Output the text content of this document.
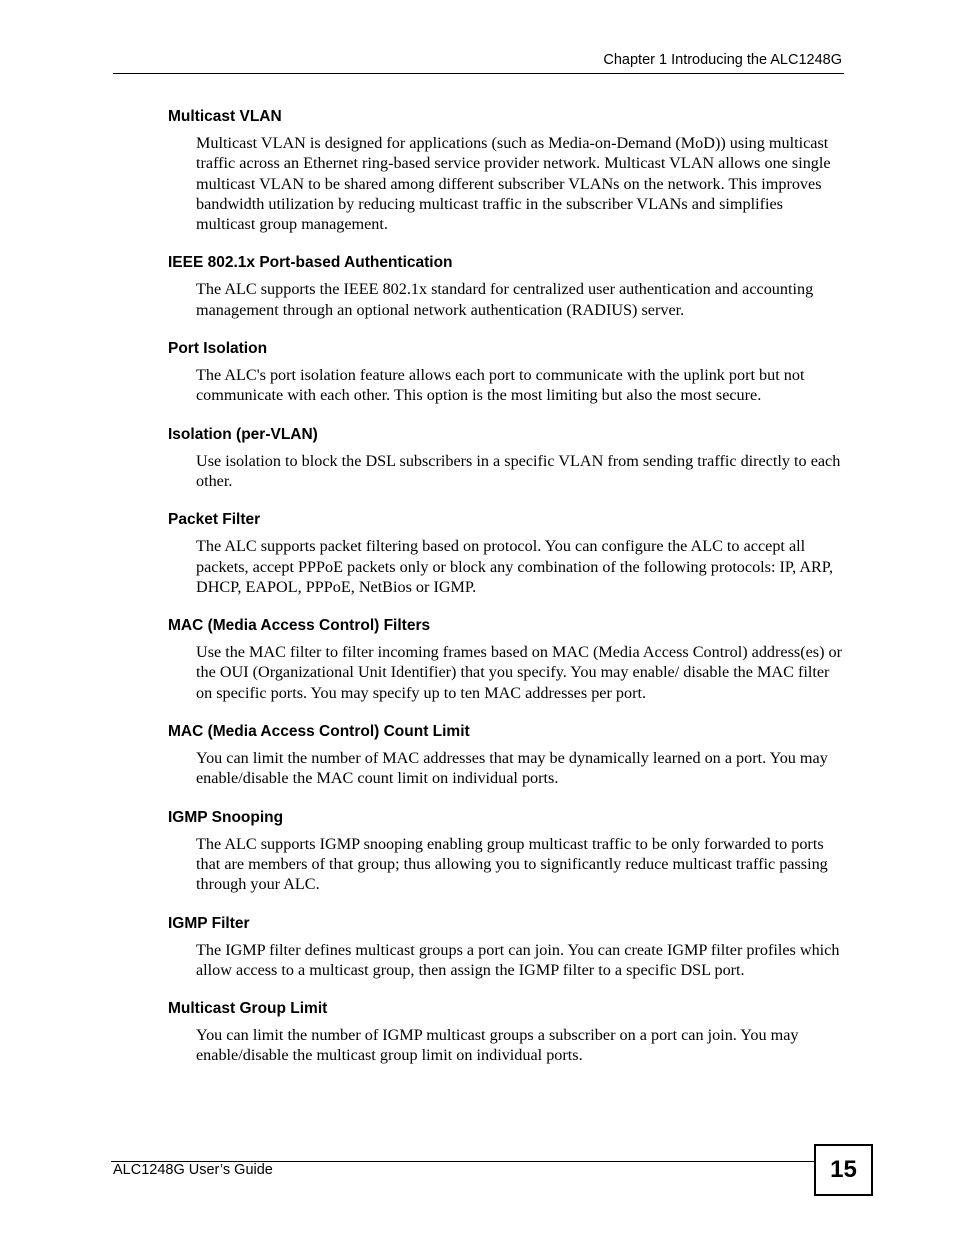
Chapter 1 Introducing the ALC1248G
Multicast VLAN

Multicast VLAN is designed for applications (such as Media-on-Demand (MoD)) using multicast traffic across an Ethernet ring-based service provider network. Multicast VLAN allows one single multicast VLAN to be shared among different subscriber VLANs on the network. This improves bandwidth utilization by reducing multicast traffic in the subscriber VLANs and simplifies multicast group management.

IEEE 802.1x Port-based Authentication

The ALC supports the IEEE 802.1x standard for centralized user authentication and accounting management through an optional network authentication (RADIUS) server.

Port Isolation

The ALC's port isolation feature allows each port to communicate with the uplink port but not communicate with each other. This option is the most limiting but also the most secure.

Isolation (per-VLAN)

Use isolation to block the DSL subscribers in a specific VLAN from sending traffic directly to each other.

Packet Filter

The ALC supports packet filtering based on protocol. You can configure the ALC to accept all packets, accept PPPoE packets only or block any combination of the following protocols: IP, ARP, DHCP, EAPOL, PPPoE, NetBios or IGMP.

MAC (Media Access Control) Filters

Use the MAC filter to filter incoming frames based on MAC (Media Access Control) address(es) or the OUI (Organizational Unit Identifier) that you specify. You may enable/ disable the MAC filter on specific ports. You may specify up to ten MAC addresses per port.

MAC (Media Access Control) Count Limit

You can limit the number of MAC addresses that may be dynamically learned on a port. You may enable/disable the MAC count limit on individual ports.

IGMP Snooping

The ALC supports IGMP snooping enabling group multicast traffic to be only forwarded to ports that are members of that group; thus allowing you to significantly reduce multicast traffic passing through your ALC.

IGMP Filter

The IGMP filter defines multicast groups a port can join. You can create IGMP filter profiles which allow access to a multicast group, then assign the IGMP filter to a specific DSL port.

Multicast Group Limit

You can limit the number of IGMP multicast groups a subscriber on a port can join. You may enable/disable the multicast group limit on individual ports.

ALC1248G User’s Guide	15
